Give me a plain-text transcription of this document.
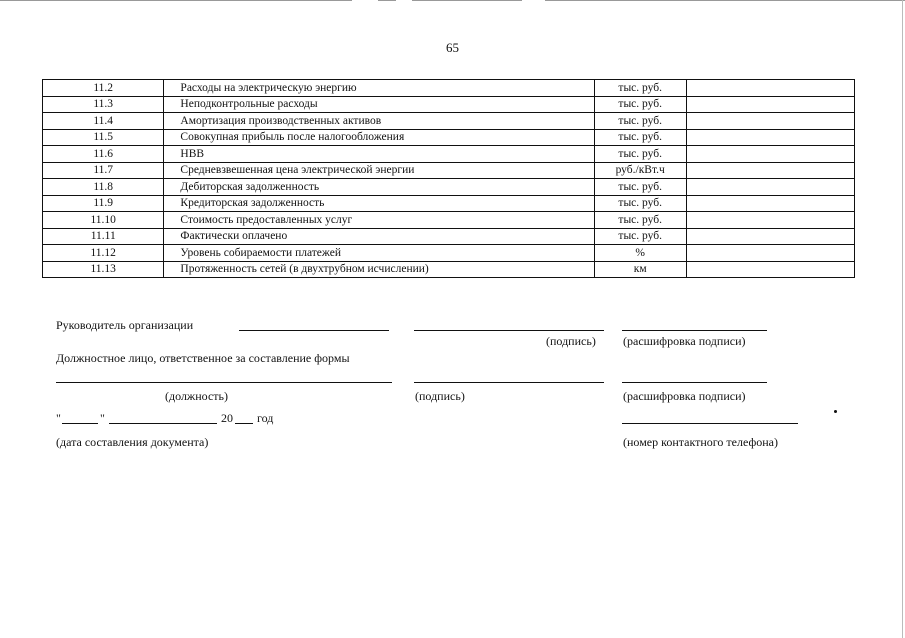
65
11.2	Расходы на электрическую энергию	тыс. руб.	
11.3	Неподконтрольные расходы	тыс. руб.	
11.4	Амортизация производственных активов	тыс. руб.	
11.5	Совокупная прибыль после налогообложения	тыс. руб.	
11.6	НВВ	тыс. руб.	
11.7	Средневзвешенная цена электрической энергии	руб./кВт.ч	
11.8	Дебиторская задолженность	тыс. руб.	
11.9	Кредиторская задолженность	тыс. руб.	
11.10	Стоимость предоставленных услуг	тыс. руб.	
11.11	Фактически оплачено	тыс. руб.	
11.12	Уровень собираемости платежей	%	
11.13	Протяженность сетей (в двухтрубном исчислении)	км	
Руководитель организации
(подпись) (расшифровка подписи)
Должностное лицо, ответственное за составление формы
(должность)	(подпись)	(расшифровка подписи)
"	"	20 год
(дата составления документа)	(номер контактного телефона)
